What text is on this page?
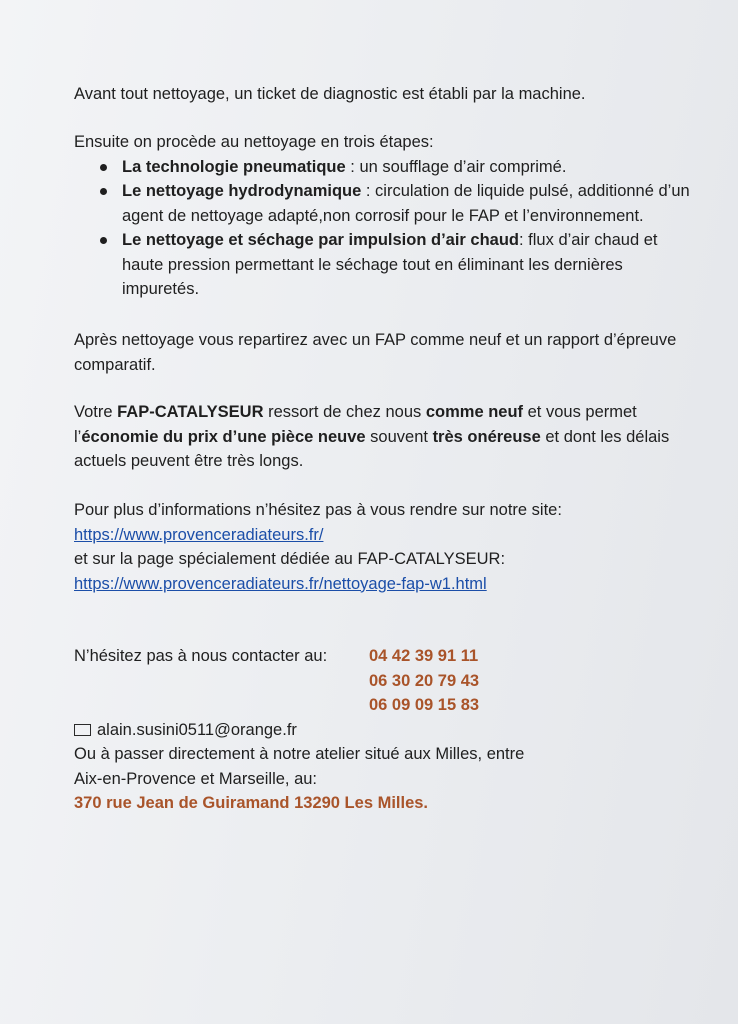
Avant tout nettoyage, un ticket de diagnostic est établi par la machine.

Ensuite on procède au nettoyage en trois étapes:

La technologie pneumatique : un soufflage d’air comprimé.
Le nettoyage hydrodynamique : circulation de liquide pulsé, additionné d’un agent de nettoyage adapté,non corrosif pour le FAP et l’environnement.
Le nettoyage et séchage par impulsion d’air chaud: flux d’air chaud et haute pression permettant le séchage tout en éliminant les dernières impuretés.

Après nettoyage vous repartirez avec un FAP comme neuf et un rapport d’épreuve comparatif.

Votre FAP-CATALYSEUR ressort de chez nous comme neuf et vous permet l’économie du prix d’une pièce neuve souvent très onéreuse et dont les délais actuels peuvent être très longs.

Pour plus d’informations n’hésitez pas à vous rendre sur notre site:

https://www.provenceradiateurs.fr/

et sur la page spécialement dédiée au FAP-CATALYSEUR:

https://www.provenceradiateurs.fr/nettoyage-fap-w1.html

N’hésitez pas à nous contacter au:	04 42 39 91 11
06 30 20 79 43
06 09 09 15 83
alain.susini0511@orange.fr

Ou à passer directement à notre atelier situé aux Milles, entre

Aix-en-Provence et Marseille, au:

370 rue Jean de Guiramand 13290 Les Milles.
